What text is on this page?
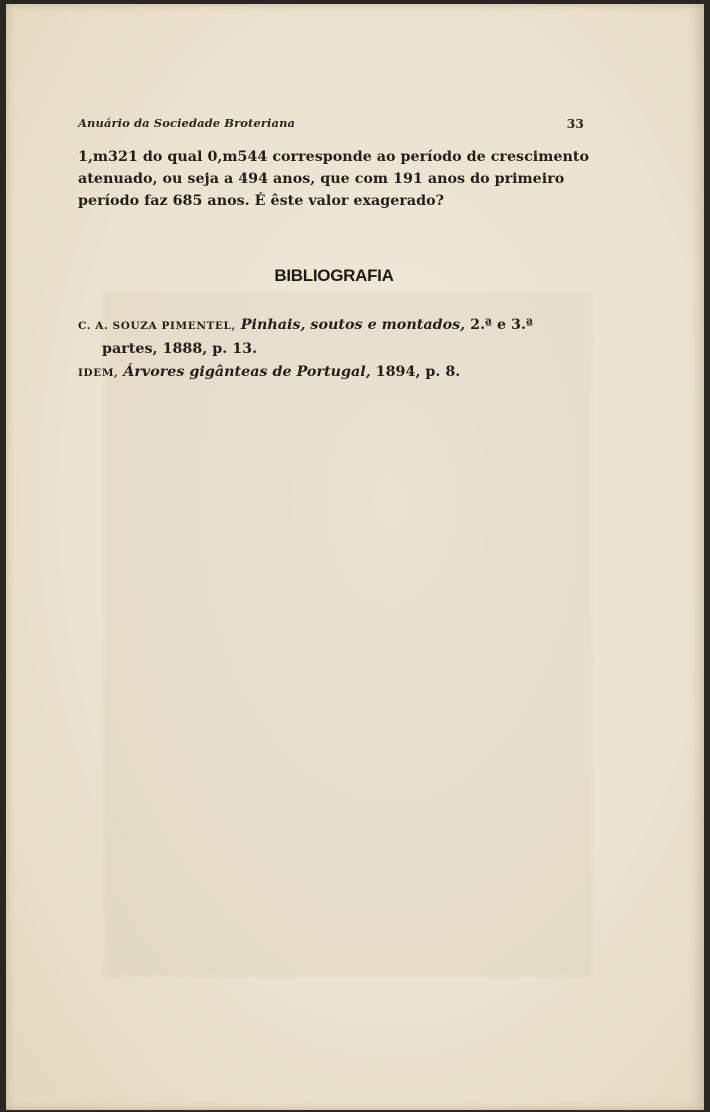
Anuário da Sociedade Broteriana	33
1,m321 do qual 0,m544 corresponde ao período de crescimento
atenuado, ou seja a 494 anos, que com 191 anos do primeiro
período faz 685 anos. É êste valor exagerado?
BIBLIOGRAFIA
C. A. SOUZA PIMENTEL, Pinhais, soutos e montados, 2.ª e 3.ª
partes, 1888, p. 13.
IDEM, Árvores gigânteas de Portugal, 1894, p. 8.
